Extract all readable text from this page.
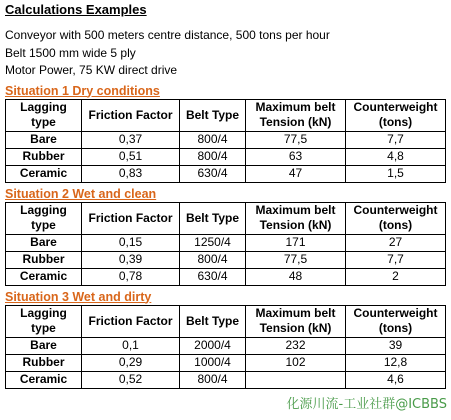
Calculations Examples

Conveyor with 500 meters centre distance, 500 tons per hour

Belt 1500 mm wide 5 ply

Motor Power, 75 KW direct drive

Situation 1 Dry conditions
Lagging type	Friction Factor	Belt Type	Maximum belt Tension (kN)	Counterweight (tons)
Bare	0,37	800/4	77,5	7,7
Rubber	0,51	800/4	63	4,8
Ceramic	0,83	630/4	47	1,5
Situation 2 Wet and clean
Lagging type	Friction Factor	Belt Type	Maximum belt Tension (kN)	Counterweight (tons)
Bare	0,15	1250/4	171	27
Rubber	0,39	800/4	77,5	7,7
Ceramic	0,78	630/4	48	2
Situation 3 Wet and dirty
Lagging type	Friction Factor	Belt Type	Maximum belt Tension (kN)	Counterweight (tons)
Bare	0,1	2000/4	232	39
Rubber	0,29	1000/4	102	12,8
Ceramic	0,52	800/4		4,6
化源川流-工业社群@ICBBS
